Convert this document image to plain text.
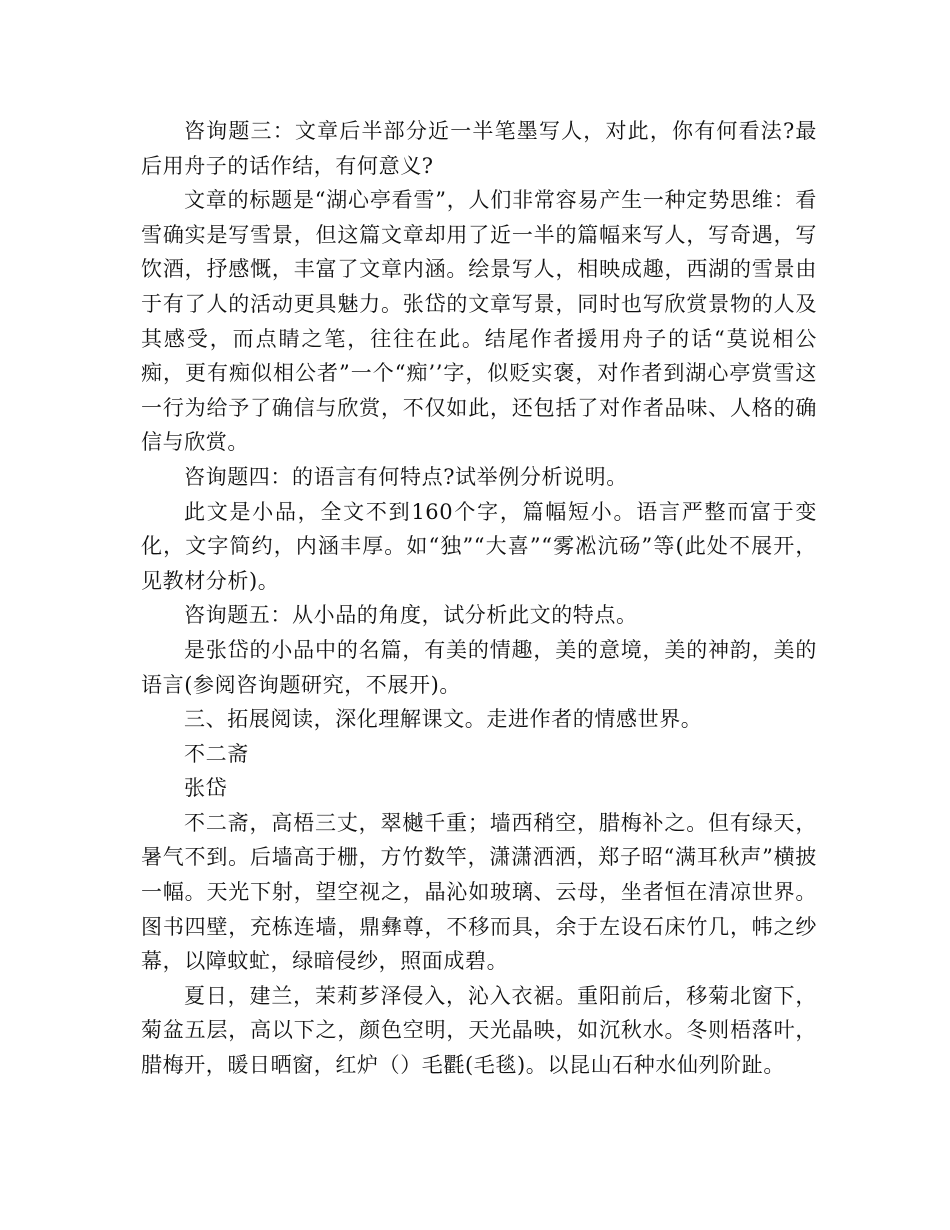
咨询题三：文章后半部分近一半笔墨写人，对此，你有何看法?最后用舟子的话作结，有何意义?

文章的标题是“湖心亭看雪”，人们非常容易产生一种定势思维：看雪确实是写雪景，但这篇文章却用了近一半的篇幅来写人，写奇遇，写饮酒，抒感慨，丰富了文章内涵。绘景写人，相映成趣，西湖的雪景由于有了人的活动更具魅力。张岱的文章写景，同时也写欣赏景物的人及其感受，而点睛之笔，往往在此。结尾作者援用舟子的话“莫说相公痴，更有痴似相公者”一个“痴’’字，似贬实褒，对作者到湖心亭赏雪这一行为给予了确信与欣赏，不仅如此，还包括了对作者品味、人格的确信与欣赏。

咨询题四：的语言有何特点?试举例分析说明。

此文是小品，全文不到160个字，篇幅短小。语言严整而富于变化，文字简约，内涵丰厚。如“独”“大喜”“雾凇沆砀”等(此处不展开，见教材分析)。

咨询题五：从小品的角度，试分析此文的特点。

是张岱的小品中的名篇，有美的情趣，美的意境，美的神韵，美的语言(参阅咨询题研究，不展开)。

三、拓展阅读，深化理解课文。走进作者的情感世界。

不二斋

张岱

不二斋，高梧三丈，翠樾千重；墙西稍空，腊梅补之。但有绿天，暑气不到。后墙高于栅，方竹数竿，潇潇洒洒，郑子昭“满耳秋声”横披一幅。天光下射，望空视之，晶沁如玻璃、云母，坐者恒在清凉世界。图书四壁，充栋连墙，鼎彝尊，不移而具，余于左设石床竹几，帏之纱幕，以障蚊虻，绿暗侵纱，照面成碧。

夏日，建兰，茉莉芗泽侵入，沁入衣裾。重阳前后，移菊北窗下，菊盆五层，高以下之，颜色空明，天光晶映，如沉秋水。冬则梧落叶，腊梅开，暖日晒窗，红炉（）毛氍(毛毯)。以昆山石种水仙列阶趾。
